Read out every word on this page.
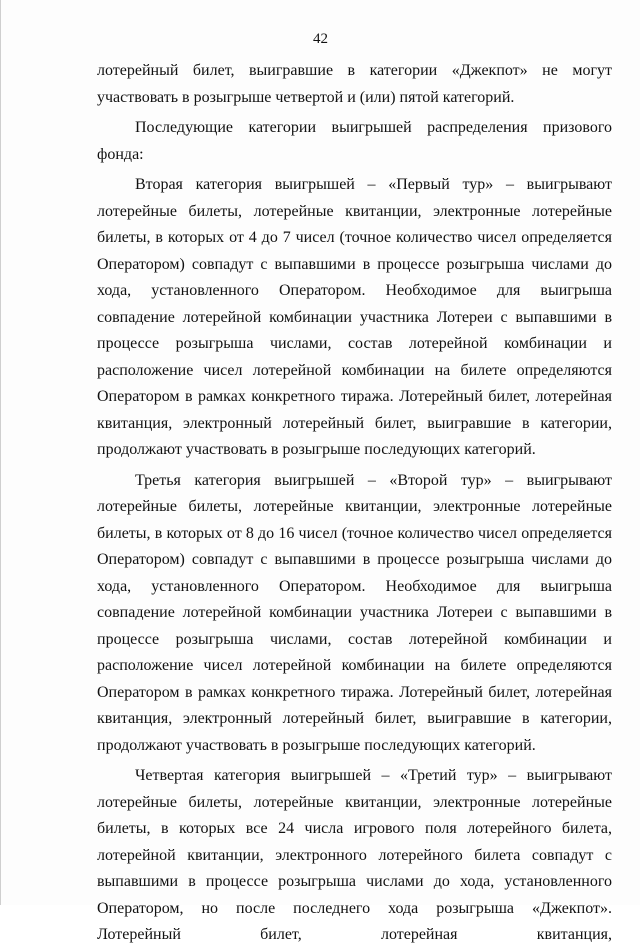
42

лотерейный билет, выигравшие в категории «Джекпот» не могут участвовать в розыгрыше четвертой и (или) пятой категорий.

Последующие категории выигрышей распределения призового фонда:

Вторая категория выигрышей – «Первый тур» – выигрывают лотерейные билеты, лотерейные квитанции, электронные лотерейные билеты, в которых от 4 до 7 чисел (точное количество чисел определяется Оператором) совпадут с выпавшими в процессе розыгрыша числами до хода, установленного Оператором. Необходимое для выигрыша совпадение лотерейной комбинации участника Лотереи с выпавшими в процессе розыгрыша числами, состав лотерейной комбинации и расположение чисел лотерейной комбинации на билете определяются Оператором в рамках конкретного тиража. Лотерейный билет, лотерейная квитанция, электронный лотерейный билет, выигравшие в категории, продолжают участвовать в розыгрыше последующих категорий.

Третья категория выигрышей – «Второй тур» – выигрывают лотерейные билеты, лотерейные квитанции, электронные лотерейные билеты, в которых от 8 до 16 чисел (точное количество чисел определяется Оператором) совпадут с выпавшими в процессе розыгрыша числами до хода, установленного Оператором. Необходимое для выигрыша совпадение лотерейной комбинации участника Лотереи с выпавшими в процессе розыгрыша числами, состав лотерейной комбинации и расположение чисел лотерейной комбинации на билете определяются Оператором в рамках конкретного тиража. Лотерейный билет, лотерейная квитанция, электронный лотерейный билет, выигравшие в категории, продолжают участвовать в розыгрыше последующих категорий.

Четвертая категория выигрышей – «Третий тур» – выигрывают лотерейные билеты, лотерейные квитанции, электронные лотерейные билеты, в которых все 24 числа игрового поля лотерейного билета, лотерейной квитанции, электронного лотерейного билета совпадут с выпавшими в процессе розыгрыша числами до хода, установленного Оператором, но после последнего хода розыгрыша «Джекпот». Лотерейный билет, лотерейная квитанция,
